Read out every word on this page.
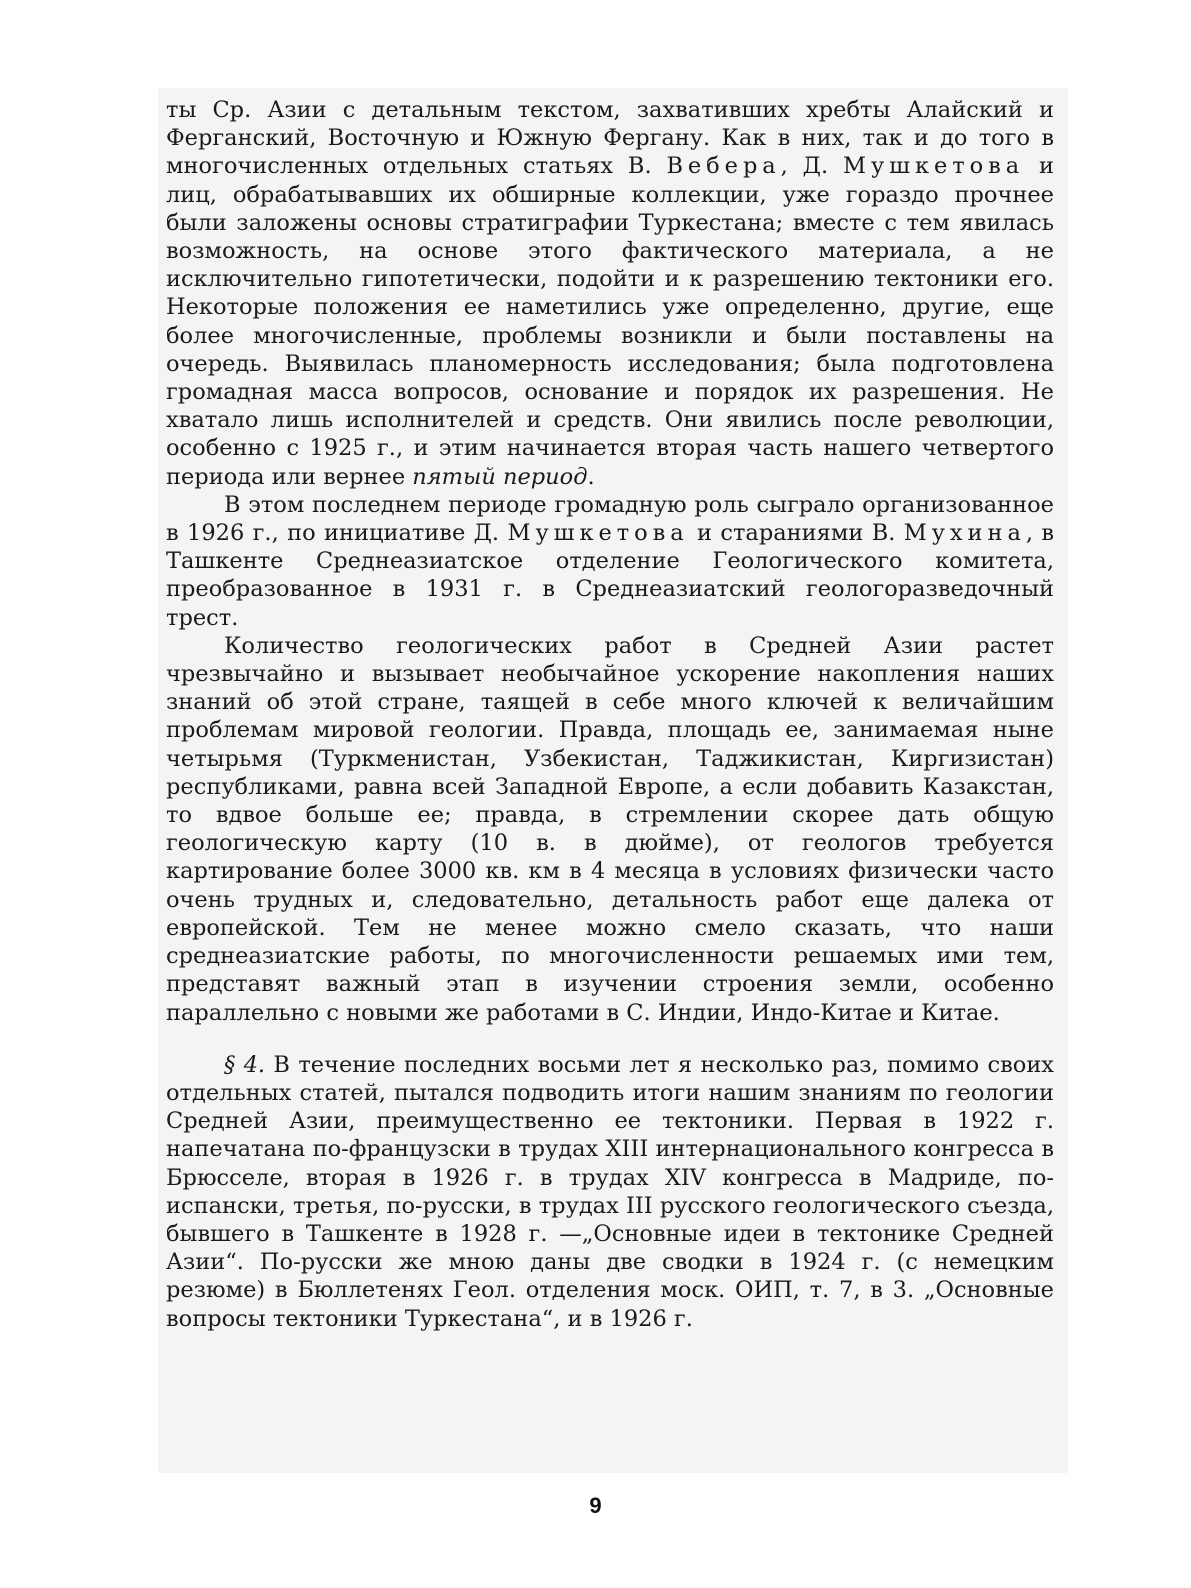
ты Ср. Азии с детальным текстом, захвативших хребты Алайский и Ферганский, Восточную и Южную Фергану. Как в них, так и до того в многочисленных отдельных статьях В. Вебера, Д. Мушкетова и лиц, обрабатывавших их обширные коллекции, уже гораздо прочнее были заложены основы стратиграфии Туркестана; вместе с тем явилась возможность, на основе этого фактического материала, а не исключительно гипотетически, подойти и к разрешению тектоники его. Некоторые положения ее наметились уже определенно, другие, еще более многочисленные, проблемы возникли и были поставлены на очередь. Выявилась планомерность исследования; была подготовлена громадная масса вопросов, основание и порядок их разрешения. Не хватало лишь исполнителей и средств. Они явились после революции, особенно с 1925 г., и этим начинается вторая часть нашего четвертого периода или вернее пятый период.

В этом последнем периоде громадную роль сыграло организованное в 1926 г., по инициативе Д. Мушкетова и стараниями В. Мухина, в Ташкенте Среднеазиатское отделение Геологического комитета, преобразованное в 1931 г. в Среднеазиатский геологоразведочный трест.

Количество геологических работ в Средней Азии растет чрезвычайно и вызывает необычайное ускорение накопления наших знаний об этой стране, таящей в себе много ключей к величайшим проблемам мировой геологии. Правда, площадь ее, занимаемая ныне четырьмя (Туркменистан, Узбекистан, Таджикистан, Киргизистан) республиками, равна всей Западной Европе, а если добавить Казакстан, то вдвое больше ее; правда, в стремлении скорее дать общую геологическую карту (10 в. в дюйме), от геологов требуется картирование более 3000 кв. км в 4 месяца в условиях физически часто очень трудных и, следовательно, детальность работ еще далека от европейской. Тем не менее можно смело сказать, что наши среднеазиатские работы, по многочисленности решаемых ими тем, представят важный этап в изучении строения земли, особенно параллельно с новыми же работами в С. Индии, Индо-Китае и Китае.

§ 4. В течение последних восьми лет я несколько раз, помимо своих отдельных статей, пытался подводить итоги нашим знаниям по геологии Средней Азии, преимущественно ее тектоники. Первая в 1922 г. напечатана по-французски в трудах XIII интернационального конгресса в Брюсселе, вторая в 1926 г. в трудах XIV конгресса в Мадриде, по-испански, третья, по-русски, в трудах III русского геологического съезда, бывшего в Ташкенте в 1928 г. —„Основные идеи в тектонике Средней Азии“. По-русски же мною даны две сводки в 1924 г. (с немецким резюме) в Бюллетенях Геол. отделения моск. ОИП, т. 7, в 3. „Основные вопросы тектоники Туркестана“, и в 1926 г.

9
